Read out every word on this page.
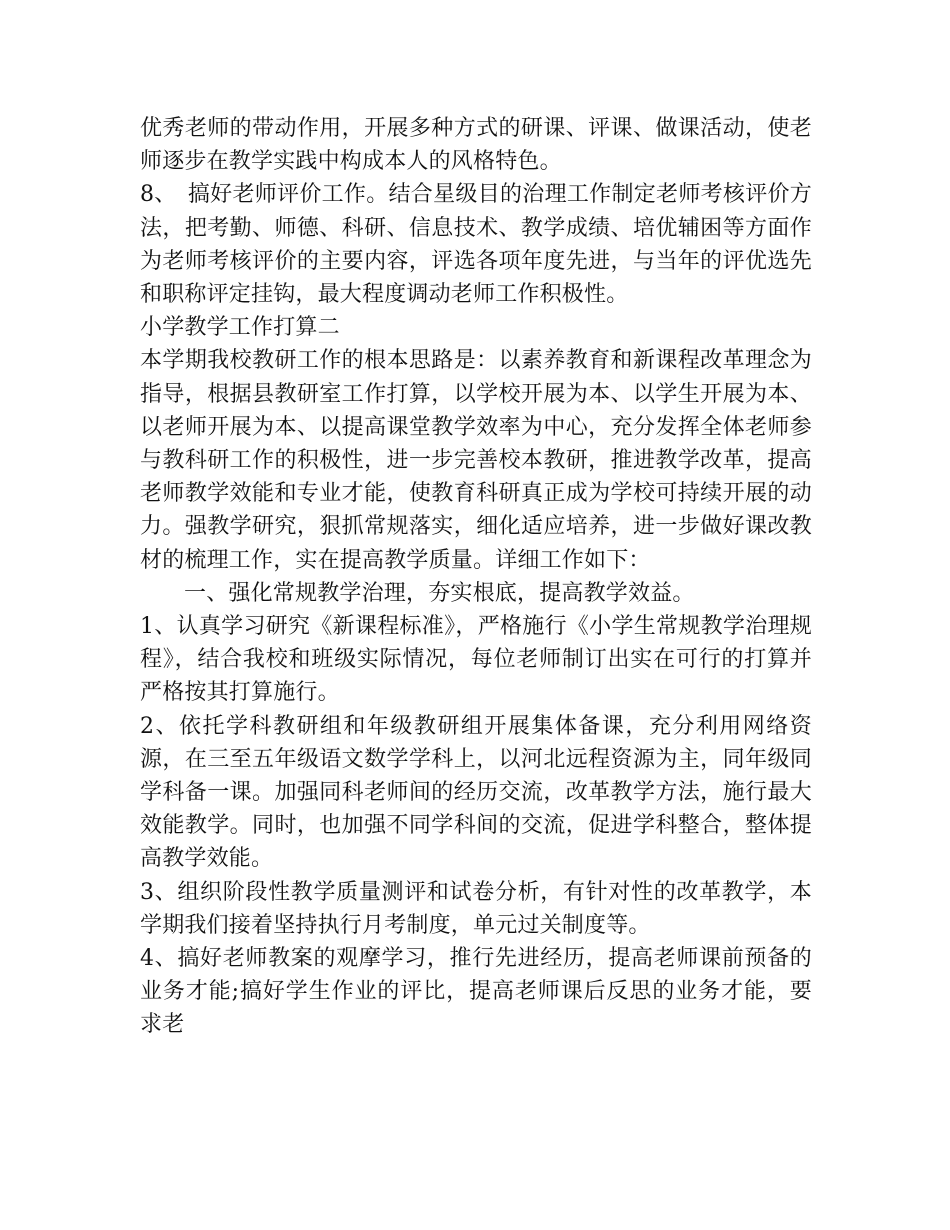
优秀老师的带动作用，开展多种方式的研课、评课、做课活动，使老师逐步在教学实践中构成本人的风格特色。

8、　搞好老师评价工作。结合星级目的治理工作制定老师考核评价方法，把考勤、师德、科研、信息技术、教学成绩、培优辅困等方面作为老师考核评价的主要内容，评选各项年度先进，与当年的评优选先和职称评定挂钩，最大程度调动老师工作积极性。

小学教学工作打算二

本学期我校教研工作的根本思路是：以素养教育和新课程改革理念为指导，根据县教研室工作打算，以学校开展为本、以学生开展为本、以老师开展为本、以提高课堂教学效率为中心，充分发挥全体老师参与教科研工作的积极性，进一步完善校本教研，推进教学改革，提高老师教学效能和专业才能，使教育科研真正成为学校可持续开展的动力。强教学研究，狠抓常规落实，细化适应培养，进一步做好课改教材的梳理工作，实在提高教学质量。详细工作如下：

一、强化常规教学治理，夯实根底，提高教学效益。

1、认真学习研究《新课程标准》，严格施行《小学生常规教学治理规程》，结合我校和班级实际情况，每位老师制订出实在可行的打算并严格按其打算施行。

2、依托学科教研组和年级教研组开展集体备课，充分利用网络资源，在三至五年级语文数学学科上，以河北远程资源为主，同年级同学科备一课。加强同科老师间的经历交流，改革教学方法，施行最大效能教学。同时，也加强不同学科间的交流，促进学科整合，整体提高教学效能。

3、组织阶段性教学质量测评和试卷分析，有针对性的改革教学，本学期我们接着坚持执行月考制度，单元过关制度等。

4、搞好老师教案的观摩学习，推行先进经历，提高老师课前预备的业务才能;搞好学生作业的评比，提高老师课后反思的业务才能，要求老
